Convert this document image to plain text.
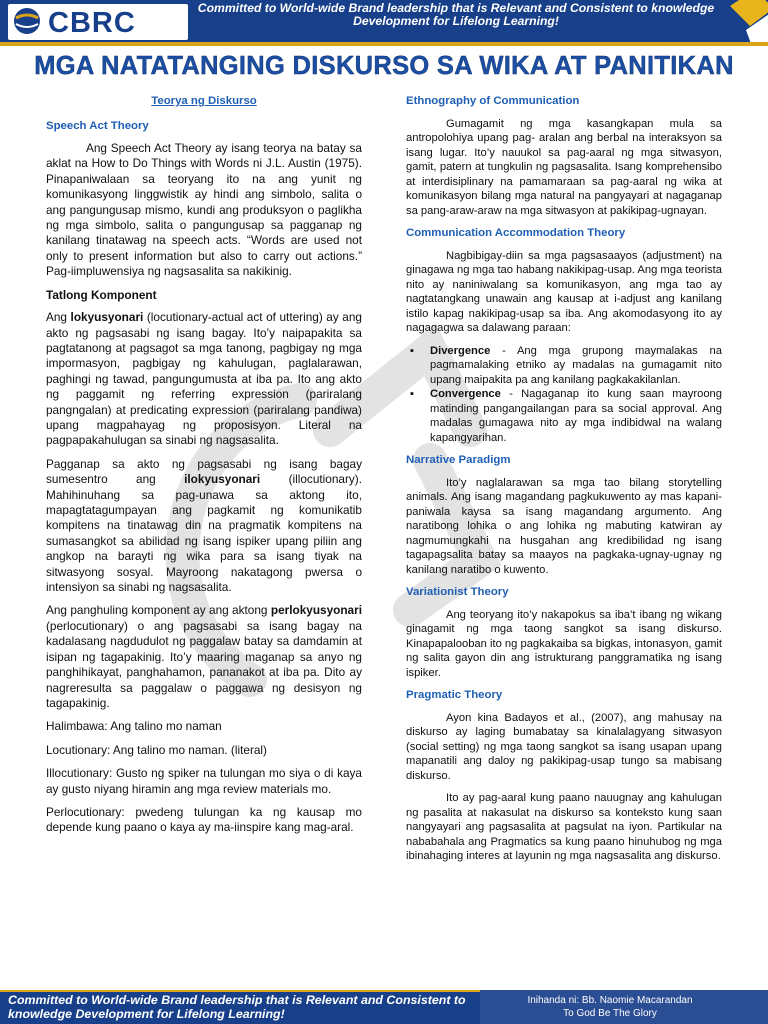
CBRC	Committed to World-wide Brand leadership that is Relevant and Consistent to knowledge Development for Lifelong Learning!
MGA NATATANGING DISKURSO SA WIKA AT PANITIKAN
Teorya ng Diskurso
Speech Act Theory

Ang Speech Act Theory ay isang teorya na batay sa aklat na How to Do Things with Words ni J.L. Austin (1975). Pinapaniwalaan sa teoryang ito na ang yunit ng komunikasyong linggwistik ay hindi ang simbolo, salita o ang pangungusap mismo, kundi ang produksyon o paglikha ng mga simbolo, salita o pangungusap sa pagganap ng kanilang tinatawag na speech acts. “Words are used not only to present information but also to carry out actions.” Pag-iimpluwensiya ng nagsasalita sa nakikinig.

Tatlong Komponent

Ang lokyusyonari (locutionary-actual act of uttering) ay ang akto ng pagsasabi ng isang bagay. Ito’y naipapakita sa pagtatanong at pagsagot sa mga tanong, pagbigay ng mga impormasyon, pagbigay ng kahulugan, paglalarawan, paghingi ng tawad, pangungumusta at iba pa. Ito ang akto ng paggamit ng referring expression (pariralang pangngalan) at predicating expression (pariralang pandiwa) upang magpahayag ng proposisyon. Literal na pagpapakahulugan sa sinabi ng nagsasalita.

Pagganap sa akto ng pagsasabi ng isang bagay sumesentro ang ilokyusyonari (illocutionary). Mahihinuhang sa pag-unawa sa aktong ito, mapagtatagumpayan ang pagkamit ng komunikatib kompitens na tinatawag din na pragmatik kompitens na sumasangkot sa abilidad ng isang ispiker upang piliin ang angkop na barayti ng wika para sa isang tiyak na sitwasyong sosyal. Mayroong nakatagong pwersa o intensiyon sa sinabi ng nagsasalita.

Ang panghuling komponent ay ang aktong perlokyusyonari (perlocutionary) o ang pagsasabi sa isang bagay na kadalasang nagdudulot ng paggalaw batay sa damdamin at isipan ng tagapakinig. Ito’y maaring maganap sa anyo ng panghihikayat, panghahamon, pananakot at iba pa. Dito ay nagreresulta sa paggalaw o paggawa ng desisyon ng tagapakinig.

Halimbawa: Ang talino mo naman

Locutionary: Ang talino mo naman. (literal)

Illocutionary: Gusto ng spiker na tulungan mo siya o di kaya ay gusto niyang hiramin ang mga review materials mo.

Perlocutionary: pwedeng tulungan ka ng kausap mo depende kung paano o kaya ay ma-iinspire kang mag-aral.

Ethnography of Communication

Gumagamit ng mga kasangkapan mula sa antropolohiya upang pag- aralan ang berbal na interaksyon sa isang lugar. Ito’y nauukol sa pag-aaral ng mga sitwasyon, gamit, patern at tungkulin ng pagsasalita. Isang komprehensibo at interdisiplinary na pamamaraan sa pag-aaral ng wika at komunikasyon bilang mga natural na pangyayari at nagaganap sa pang-araw-araw na mga sitwasyon at pakikipag-ugnayan.

Communication Accommodation Theory

Nagbibigay-diin sa mga pagsasaayos (adjustment) na ginagawa ng mga tao habang nakikipag-usap. Ang mga teorista nito ay naniniwalang sa komunikasyon, ang mga tao ay nagtatangkang unawain ang kausap at i-adjust ang kanilang istilo kapag nakikipag-usap sa iba. Ang akomodasyong ito ay nagagagwa sa dalawang paraan:

▪ Divergence - Ang mga grupong maymalakas na pagmamalaking etniko ay madalas na gumagamit nito upang maipakita pa ang kanilang pagkakakilanlan.
▪ Convergence - Nagaganap ito kung saan mayroong matinding pangangailangan para sa social approval. Ang madalas gumagawa nito ay mga indibidwal na walang kapangyarihan.
Narrative Paradigm

Ito’y naglalarawan sa mga tao bilang storytelling animals. Ang isang magandang pagkukuwento ay mas kapani-paniwala kaysa sa isang magandang argumento. Ang naratibong lohika o ang lohika ng mabuting katwiran ay nagmumungkahi na husgahan ang kredibilidad ng isang tagapagsalita batay sa maayos na pagkaka-ugnay-ugnay ng kanilang naratibo o kuwento.

Variationist Theory

Ang teoryang ito’y nakapokus sa iba’t ibang ng wikang ginagamit ng mga taong sangkot sa isang diskurso. Kinapapalooban ito ng pagkakaiba sa bigkas, intonasyon, gamit ng salita gayon din ang istrukturang panggramatika ng isang ispiker.

Pragmatic Theory

Ayon kina Badayos et al., (2007), ang mahusay na diskurso ay laging bumabatay sa kinalalagyang sitwasyon (social setting) ng mga taong sangkot sa isang usapan upang mapanatili ang daloy ng pakikipag-usap tungo sa mabisang diskurso.

Ito ay pag-aaral kung paano nauugnay ang kahulugan ng pasalita at nakasulat na diskurso sa konteksto kung saan nangyayari ang pagsasalita at pagsulat na iyon. Partikular na nababahala ang Pragmatics sa kung paano hinuhubog ng mga ibinahaging interes at layunin ng mga nagsasalita ang diskurso.

Committed to World-wide Brand leadership that is Relevant and Consistent to knowledge Development for Lifelong Learning!
Inihanda ni: Bb. Naomie Macarandan
To God Be The Glory
